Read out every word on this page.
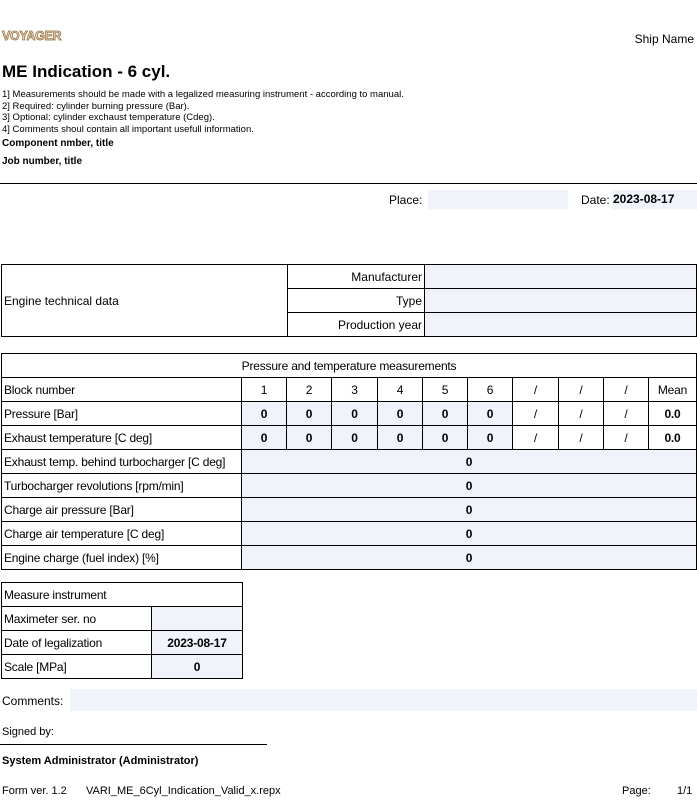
VOYAGER	Ship Name
ME Indication - 6 cyl.
1] Measurements should be made with a legalized measuring instrument - according to manual.
2] Required: cylinder burning pressure (Bar).
3] Optional: cylinder exchaust temperature (Cdeg).
4] Comments shoul contain all important usefull information.
Component nmber, title
Job number, title
Place:	Date: 2023-08-17
Engine technical data	Manufacturer	
	Type	
	Production year	
Pressure and temperature measurements										
Block number	1	2	3	4	5	6	/	/	/	Mean
Pressure [Bar]	0	0	0	0	0	0	/	/	/	0.0
Exhaust temperature [C deg]	0	0	0	0	0	0	/	/	/	0.0
Exhaust temp. behind turbocharger [C deg]	0									
Turbocharger revolutions [rpm/min]	0									
Charge air pressure [Bar]	0									
Charge air temperature [C deg]	0									
Engine charge (fuel index) [%]	0									
Measure instrument	
Maximeter ser. no	
Date of legalization	2023-08-17
Scale [MPa]	0
Comments:
Signed by:
System Administrator (Administrator)
Form ver. 1.2 VARI_ME_6Cyl_Indication_Valid_x.repx	Page: 1/1
